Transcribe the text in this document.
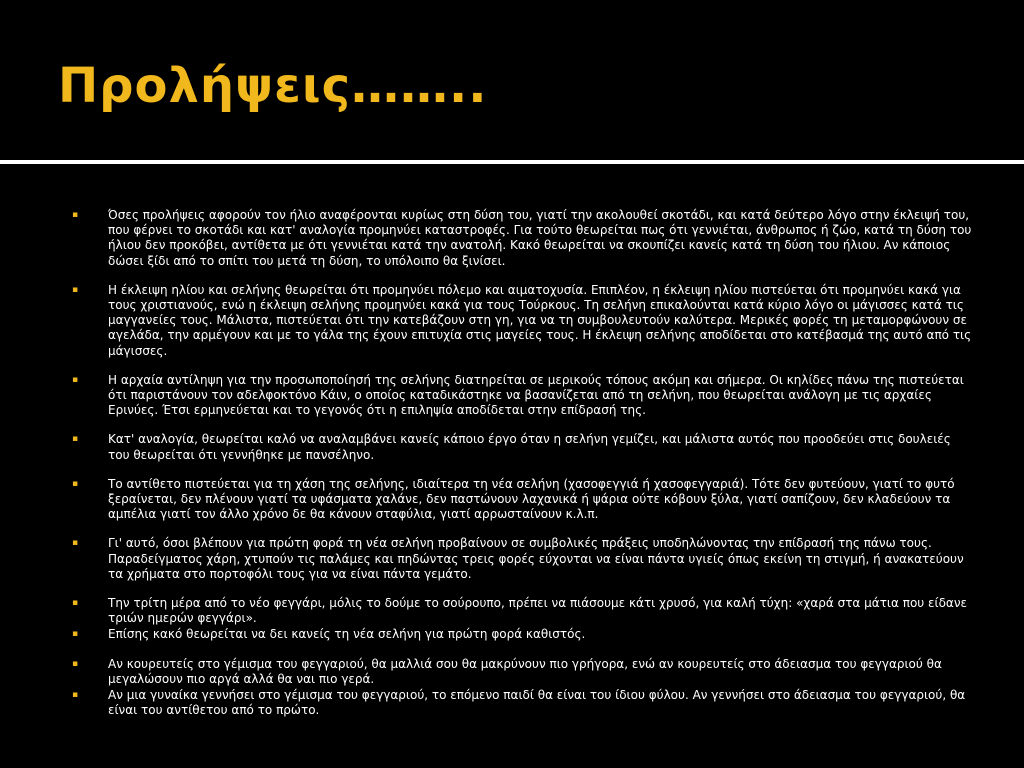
Προλήψεις……..
▪ Όσες προλήψεις αφορούν τον ήλιο αναφέρονται κυρίως στη δύση του, γιατί την ακολουθεί σκοτάδι, και κατά δεύτερο λόγο στην έκλειψή του, που φέρνει το σκοτάδι και κατ' αναλογία προμηνύει καταστροφές. Για τούτο θεωρείται πως ότι γεννιέται, άνθρωπος ή ζώο, κατά τη δύση του ήλιου δεν προκόβει, αντίθετα με ότι γεννιέται κατά την ανατολή. Κακό θεωρείται να σκουπίζει κανείς κατά τη δύση του ήλιου. Αν κάποιος δώσει ξίδι από το σπίτι του μετά τη δύση, το υπόλοιπο θα ξινίσει.
▪ Η έκλειψη ηλίου και σελήνης θεωρείται ότι προμηνύει πόλεμο και αιματοχυσία. Επιπλέον, η έκλειψη ηλίου πιστεύεται ότι προμηνύει κακά για τους χριστιανούς, ενώ η έκλειψη σελήνης προμηνύει κακά για τους Τούρκους. Τη σελήνη επικαλούνται κατά κύριο λόγο οι μάγισσες κατά τις μαγγανείες τους. Μάλιστα, πιστεύεται ότι την κατεβάζουν στη γη, για να τη συμβουλευτούν καλύτερα. Μερικές φορές τη μεταμορφώνουν σε αγελάδα, την αρμέγουν και με το γάλα της έχουν επιτυχία στις μαγείες τους. Η έκλειψη σελήνης αποδίδεται στο κατέβασμά της αυτό από τις μάγισσες.
▪ Η αρχαία αντίληψη για την προσωποποίησή της σελήνης διατηρείται σε μερικούς τόπους ακόμη και σήμερα. Οι κηλίδες πάνω της πιστεύεται ότι παριστάνουν τον αδελφοκτόνο Κάιν, ο οποίος καταδικάστηκε να βασανίζεται από τη σελήνη, που θεωρείται ανάλογη με τις αρχαίες Ερινύες. Έτσι ερμηνεύεται και το γεγονός ότι η επιληψία αποδίδεται στην επίδρασή της.
▪ Κατ' αναλογία, θεωρείται καλό να αναλαμβάνει κανείς κάποιο έργο όταν η σελήνη γεμίζει, και μάλιστα αυτός που προοδεύει στις δουλειές του θεωρείται ότι γεννήθηκε με πανσέληνο.
▪ Το αντίθετο πιστεύεται για τη χάση της σελήνης, ιδιαίτερα τη νέα σελήνη (χασοφεγγιά ή χασοφεγγαριά). Τότε δεν φυτεύουν, γιατί το φυτό ξεραίνεται, δεν πλένουν γιατί τα υφάσματα χαλάνε, δεν παστώνουν λαχανικά ή ψάρια ούτε κόβουν ξύλα, γιατί σαπίζουν, δεν κλαδεύουν τα αμπέλια γιατί τον άλλο χρόνο δε θα κάνουν σταφύλια, γιατί αρρωσταίνουν κ.λ.π.
▪ Γι' αυτό, όσοι βλέπουν για πρώτη φορά τη νέα σελήνη προβαίνουν σε συμβολικές πράξεις υποδηλώνοντας την επίδρασή της πάνω τους. Παραδείγματος χάρη, χτυπούν τις παλάμες και πηδώντας τρεις φορές εύχονται να είναι πάντα υγιείς όπως εκείνη τη στιγμή, ή ανακατεύουν τα χρήματα στο πορτοφόλι τους για να είναι πάντα γεμάτο.
▪ Την τρίτη μέρα από το νέο φεγγάρι, μόλις το δούμε το σούρουπο, πρέπει να πιάσουμε κάτι χρυσό, για καλή τύχη: «χαρά στα μάτια που είδανε τριών ημερών φεγγάρι».
▪ Επίσης κακό θεωρείται να δει κανείς τη νέα σελήνη για πρώτη φορά καθιστός.
▪ Αν κουρευτείς στο γέμισμα του φεγγαριού, θα μαλλιά σου θα μακρύνουν πιο γρήγορα, ενώ αν κουρευτείς στο άδειασμα του φεγγαριού θα μεγαλώσουν πιο αργά αλλά θα ναι πιο γερά.
▪ Αν μια γυναίκα γεννήσει στο γέμισμα του φεγγαριού, το επόμενο παιδί θα είναι του ίδιου φύλου. Αν γεννήσει στο άδειασμα του φεγγαριού, θα είναι του αντίθετου από το πρώτο.
